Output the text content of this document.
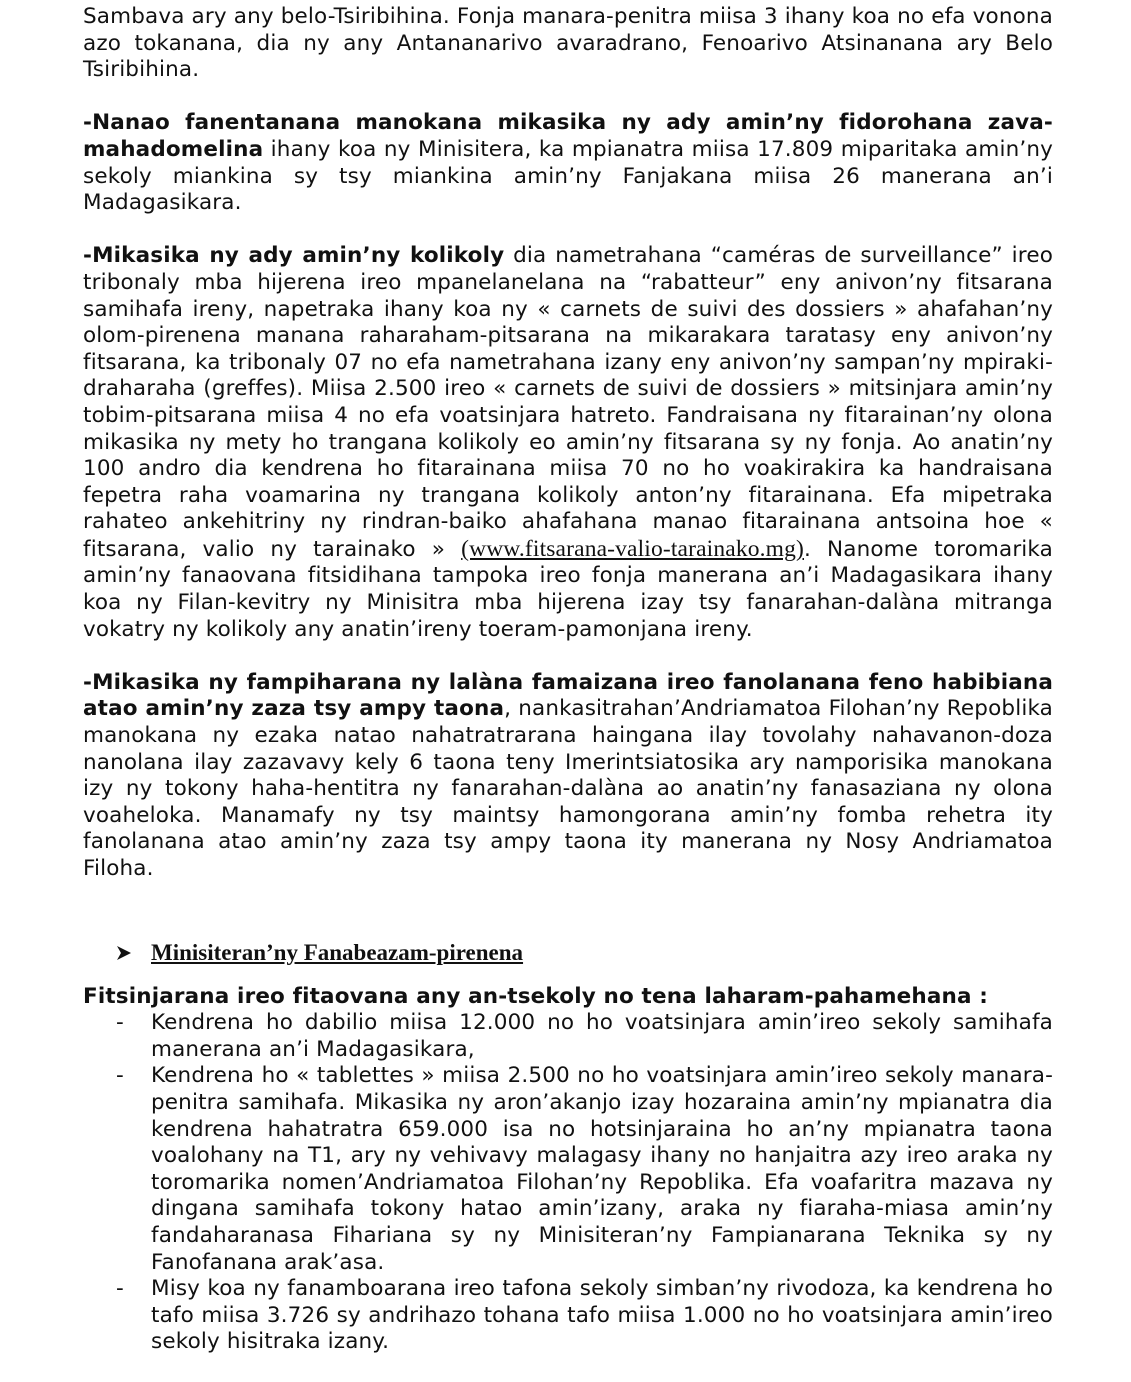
Sambava ary any belo-Tsiribihina. Fonja manara-penitra miisa 3 ihany koa no efa vonona azo tokanana, dia ny any Antananarivo avaradrano, Fenoarivo Atsinanana ary Belo Tsiribihina.

-Nanao fanentanana manokana mikasika ny ady amin’ny fidorohana zava-mahadomelina ihany koa ny Minisitera, ka mpianatra miisa 17.809 miparitaka amin’ny sekoly miankina sy tsy miankina amin’ny Fanjakana miisa 26 manerana an’i Madagasikara.

-Mikasika ny ady amin’ny kolikoly dia nametrahana “caméras de surveillance” ireo tribonaly mba hijerena ireo mpanelanelana na “rabatteur” eny anivon’ny fitsarana samihafa ireny, napetraka ihany koa ny « carnets de suivi des dossiers » ahafahan’ny olom-pirenena manana raharaham-pitsarana na mikarakara taratasy eny anivon’ny fitsarana, ka tribonaly 07 no efa nametrahana izany eny anivon’ny sampan’ny mpiraki-draharaha (greffes). Miisa 2.500 ireo « carnets de suivi de dossiers » mitsinjara amin’ny tobim-pitsarana miisa 4 no efa voatsinjara hatreto. Fandraisana ny fitarainan’ny olona mikasika ny mety ho trangana kolikoly eo amin’ny fitsarana sy ny fonja. Ao anatin’ny 100 andro dia kendrena ho fitarainana miisa 70 no ho voakirakira ka handraisana fepetra raha voamarina ny trangana kolikoly anton’ny fitarainana. Efa mipetraka rahateo ankehitriny ny rindran-baiko ahafahana manao fitarainana antsoina hoe « fitsarana, valio ny tarainako » (www.fitsarana-valio-tarainako.mg). Nanome toromarika amin’ny fanaovana fitsidihana tampoka ireo fonja manerana an’i Madagasikara ihany koa ny Filan-kevitry ny Minisitra mba hijerena izay tsy fanarahan-dalàna mitranga vokatry ny kolikoly any anatin’ireny toeram-pamonjana ireny.

-Mikasika ny fampiharana ny lalàna famaizana ireo fanolanana feno habibiana atao amin’ny zaza tsy ampy taona, nankasitrahan’Andriamatoa Filohan’ny Repoblika manokana ny ezaka natao nahatratrarana haingana ilay tovolahy nahavanon-doza nanolana ilay zazavavy kely 6 taona teny Imerintsiatosika ary namporisika manokana izy ny tokony haha-hentitra ny fanarahan-dalàna ao anatin’ny fanasaziana ny olona voaheloka. Manamafy ny tsy maintsy hamongorana amin’ny fomba rehetra ity fanolanana atao amin’ny zaza tsy ampy taona ity manerana ny Nosy Andriamatoa Filoha.

Minisiteran’ny Fanabeazam-pirenena

Fitsinjarana ireo fitaovana any an-tsekoly no tena laharam-pahamehana :

- Kendrena ho dabilio miisa 12.000 no ho voatsinjara amin’ireo sekoly samihafa manerana an’i Madagasikara,
- Kendrena ho « tablettes » miisa 2.500 no ho voatsinjara amin’ireo sekoly manara-penitra samihafa. Mikasika ny aron’akanjo izay hozaraina amin’ny mpianatra dia kendrena hahatratra 659.000 isa no hotsinjaraina ho an’ny mpianatra taona voalohany na T1, ary ny vehivavy malagasy ihany no hanjaitra azy ireo araka ny toromarika nomen’Andriamatoa Filohan’ny Repoblika. Efa voafaritra mazava ny dingana samihafa tokony hatao amin’izany, araka ny fiaraha-miasa amin’ny fandaharanasa Fihariana sy ny Minisiteran’ny Fampianarana Teknika sy ny Fanofanana arak’asa.
- Misy koa ny fanamboarana ireo tafona sekoly simban’ny rivodoza, ka kendrena ho tafo miisa 3.726 sy andrihazo tohana tafo miisa 1.000 no ho voatsinjara amin’ireo sekoly hisitraka izany.
